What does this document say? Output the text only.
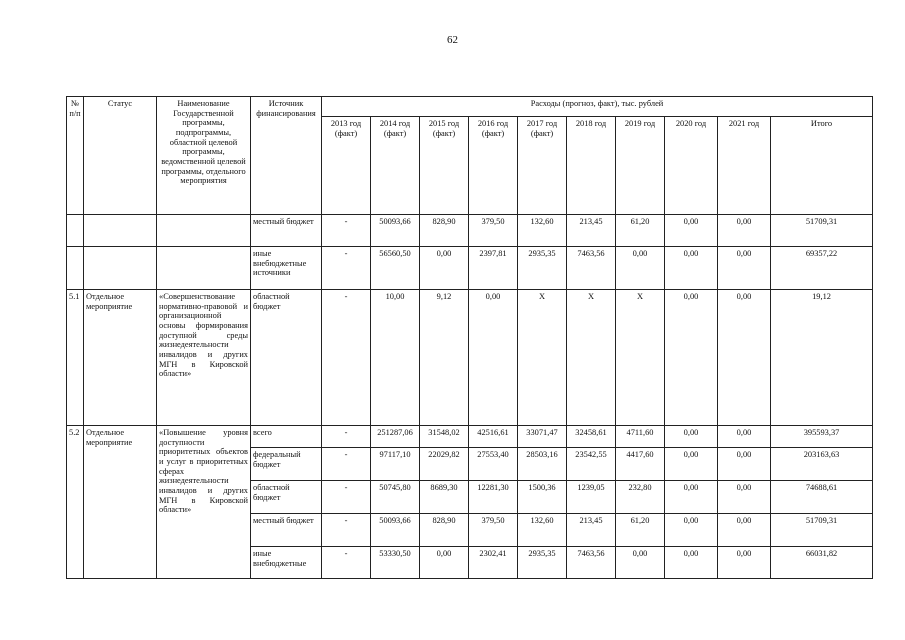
62
№ п/п	Статус	Наименование Государственной программы, подпрограммы, областной целевой программы, ведомственной целевой программы, отдельного мероприятия	Источник финансирования	Расходы (прогноз, факт), тыс. рублей									
				2013 год (факт)	2014 год (факт)	2015 год (факт)	2016 год (факт)	2017 год (факт)	2018 год	2019 год	2020 год	2021 год	Итого
			местный бюджет	-	50093,66	828,90	379,50	132,60	213,45	61,20	0,00	0,00	51709,31
			иные внебюджетные источники	-	56560,50	0,00	2397,81	2935,35	7463,56	0,00	0,00	0,00	69357,22
5.1	Отдельное мероприятие	«Совершенствование нормативно-правовой и организационной основы формирования доступной среды жизнедеятельности инвалидов и других МГН в Кировской области»	областной бюджет	-	10,00	9,12	0,00	Х	Х	Х	0,00	0,00	19,12
5.2	Отдельное мероприятие	«Повышение уровня доступности приоритетных объектов и услуг в приоритетных сферах жизнедеятельности инвалидов и других МГН в Кировской области»	всего	-	251287,06	31548,02	42516,61	33071,47	32458,61	4711,60	0,00	0,00	395593,37
			федеральный бюджет	-	97117,10	22029,82	27553,40	28503,16	23542,55	4417,60	0,00	0,00	203163,63
			областной бюджет	-	50745,80	8689,30	12281,30	1500,36	1239,05	232,80	0,00	0,00	74688,61
			местный бюджет	-	50093,66	828,90	379,50	132,60	213,45	61,20	0,00	0,00	51709,31
			иные внебюджетные	-	53330,50	0,00	2302,41	2935,35	7463,56	0,00	0,00	0,00	66031,82
